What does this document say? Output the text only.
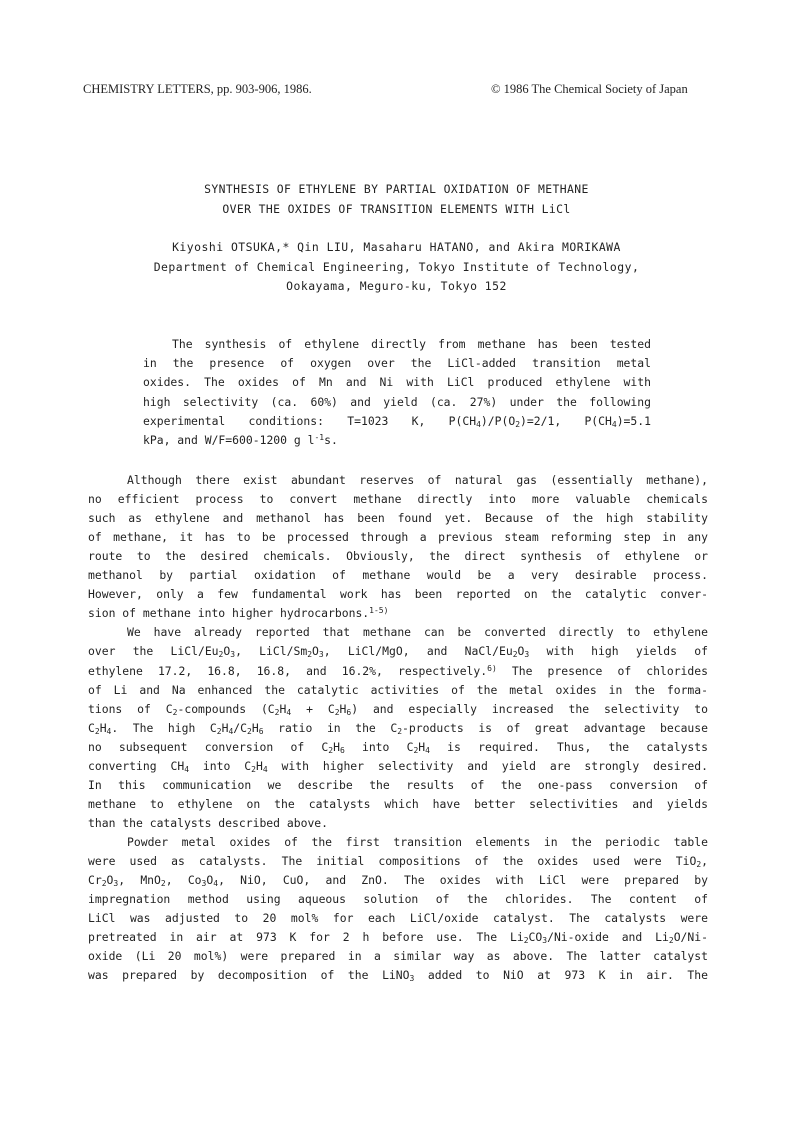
CHEMISTRY LETTERS, pp. 903-906, 1986.	© 1986 The Chemical Society of Japan
SYNTHESIS OF ETHYLENE BY PARTIAL OXIDATION OF METHANE
OVER THE OXIDES OF TRANSITION ELEMENTS WITH LiCl
Kiyoshi OTSUKA,* Qin LIU, Masaharu HATANO, and Akira MORIKAWA
Department of Chemical Engineering, Tokyo Institute of Technology,
Ookayama, Meguro-ku, Tokyo 152
The synthesis of ethylene directly from methane has been tested
in the presence of oxygen over the LiCl-added transition metal
oxides. The oxides of Mn and Ni with LiCl produced ethylene with
high selectivity (ca. 60%) and yield (ca. 27%) under the following
experimental conditions: T=1023 K, $P(CH_4)/P(O_2)=2/1$, $P(CH_4)=5.1$
kPa, and W/F=600-1200 g $l^{-1}s$.
Although there exist abundant reserves of natural gas (essentially methane),
no efficient process to convert methane directly into more valuable chemicals
such as ethylene and methanol has been found yet. Because of the high stability
of methane, it has to be processed through a previous steam reforming step in any
route to the desired chemicals. Obviously, the direct synthesis of ethylene or
methanol by partial oxidation of methane would be a very desirable process.
However, only a few fundamental work has been reported on the catalytic conver-
sion of methane into higher hydrocarbons.$^{1-5)}$
We have already reported that methane can be converted directly to ethylene
over the LiCl/$Eu_2O_3$, LiCl/$Sm_2O_3$, LiCl/MgO, and NaCl/$Eu_2O_3$ with high yields of
ethylene 17.2, 16.8, 16.8, and 16.2%, respectively.$^{6)}$ The presence of chlorides
of Li and Na enhanced the catalytic activities of the metal oxides in the forma-
tions of $C_2$-compounds $(C_2H_4 + C_2H_6)$ and especially increased the selectivity to
$C_2H_4$. The high $C_2H_4/C_2H_6$ ratio in the $C_2$-products is of great advantage because
no subsequent conversion of $C_2H_6$ into $C_2H_4$ is required. Thus, the catalysts
converting $CH_4$ into $C_2H_4$ with higher selectivity and yield are strongly desired.
In this communication we describe the results of the one-pass conversion of
methane to ethylene on the catalysts which have better selectivities and yields
than the catalysts described above.
Powder metal oxides of the first transition elements in the periodic table
were used as catalysts. The initial compositions of the oxides used were TiO$_2$,
$Cr_2O_3$, MnO$_2$, $Co_3O_4$, NiO, CuO, and ZnO. The oxides with LiCl were prepared by
impregnation method using aqueous solution of the chlorides. The content of
LiCl was adjusted to 20 mol% for each LiCl/oxide catalyst. The catalysts were
pretreated in air at 973 K for 2 h before use. The $Li_2CO_3/Ni$-oxide and $Li_2O/Ni-$
oxide (Li 20 mol%) were prepared in a similar way as above. The latter catalyst
was prepared by decomposition of the LiNO$_3$ added to NiO at 973 K in air. The
